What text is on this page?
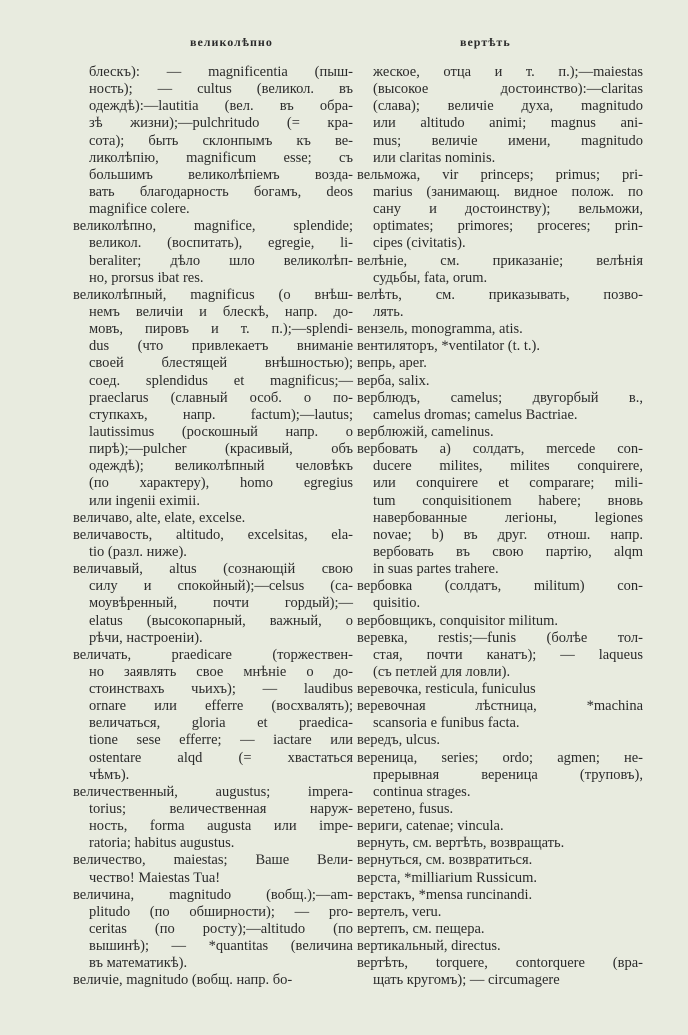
великолѣпно	вертѣть
блескъ): — magnificentia (пыш-
ность); — cultus (великол. въ
одеждѣ):—lautitia (вел. въ обра-
зѣ жизни);—pulchritudo (= кра-
сота); быть склонпымъ къ ве-
ликолѣпію, magnificum esse; съ
большимъ великолѣпіемъ возда-
вать благодарность богамъ, deos
magnifice colere.
великолѣпно, magnifice, splendide;
великол. (воспитать), egregie, li-
beraliter; дѣло шло великолѣп-
но, prorsus ibat res.
великолѣпный, magnificus (о внѣш-
немъ величіи и блескѣ, напр. до-
мовъ, пировъ и т. п.);—splendi-
dus (что привлекаетъ вниманіе
своей блестящей внѣшностью);
соед. splendidus et magnificus;—
praeclarus (славный особ. о по-
ступкахъ, напр. factum);—lautus;
lautissimus (роскошный напр. о
пирѣ);—pulcher (красивый, объ
одеждѣ); великолѣпный человѣкъ
(по характеру), homo egregius
или ingenii eximii.
величаво, alte, elate, excelse.
величавость, altitudo, excelsitas, ela-
tio (разл. ниже).
величавый, altus (сознающій свою
силу и спокойный);—celsus (са-
моувѣренный, почти гордый);—
elatus (высокопарный, важный, о
рѣчи, настроеніи).
величать, praedicare (торжествен-
но заявлять свое мнѣніе о до-
стоинствахъ чьихъ); — laudibus
ornare или efferre (восхвалять);
величаться, gloria et praedica-
tione sese efferre; — iactare или
ostentare alqd (= хвастаться
чѣмъ).
величественный, augustus; impera-
torius; величественная наруж-
ность, forma augusta или impe-
ratoria; habitus augustus.
величество, maiestas; Ваше Вели-
чество! Maiestas Tua!
величина, magnitudo (вобщ.);—am-
plitudo (по обширности); — pro-
ceritas (по росту);—altitudo (по
вышинѣ); — *quantitas (величина
въ математикѣ).
величіе, magnitudo (вобщ. напр. бо-
жеское, отца и т. п.);—maiestas
(высокое достоинство):—claritas
(слава); величіе духа, magnitudo
или altitudo animi; magnus ani-
mus; величіе имени, magnitudo
или claritas nominis.
вельможа, vir princeps; primus; pri-
marius (занимающ. видное полож. по
сану и достоинству); вельможи,
optimates; primores; proceres; prin-
cipes (civitatis).
велѣніе, см. приказаніе; велѣнія
судьбы, fata, orum.
велѣть, см. приказывать, позво-
лять.
вензель, monogramma, atis.
вентиляторъ, *ventilator (t. t.).
вепрь, aper.
верба, salix.
верблюдъ, camelus; двугорбый в.,
camelus dromas; camelus Bactriae.
верблюжій, camelinus.
вербовать a) солдатъ, mercede con-
ducere milites, milites conquirere,
или conquirere et comparare; mili-
tum conquisitionem habere; вновь
навербованные легіоны, legiones
novae; b) въ друг. отнош. напр.
вербовать въ свою партію, alqm
in suas partes trahere.
вербовка (солдатъ, militum) con-
quisitio.
вербовщикъ, conquisitor militum.
веревка, restis;—funis (болѣе тол-
стая, почти канатъ); — laqueus
(съ петлей для ловли).
веревочка, resticula, funiculus
веревочная лѣстница, *machina
scansoria e funibus facta.
вередъ, ulcus.
вереница, series; ordo; agmen; не-
прерывная вереница (труповъ),
continua strages.
веретено, fusus.
вериги, catenae; vincula.
вернуть, см. вертѣть, возвращать.
вернуться, см. возвратиться.
верста, *milliarium Russicum.
верстакъ, *mensa runcinandi.
вертелъ, veru.
вертепъ, см. пещера.
вертикальный, directus.
вертѣть, torquere, contorquere (вра-
щать кругомъ); — circumagere
